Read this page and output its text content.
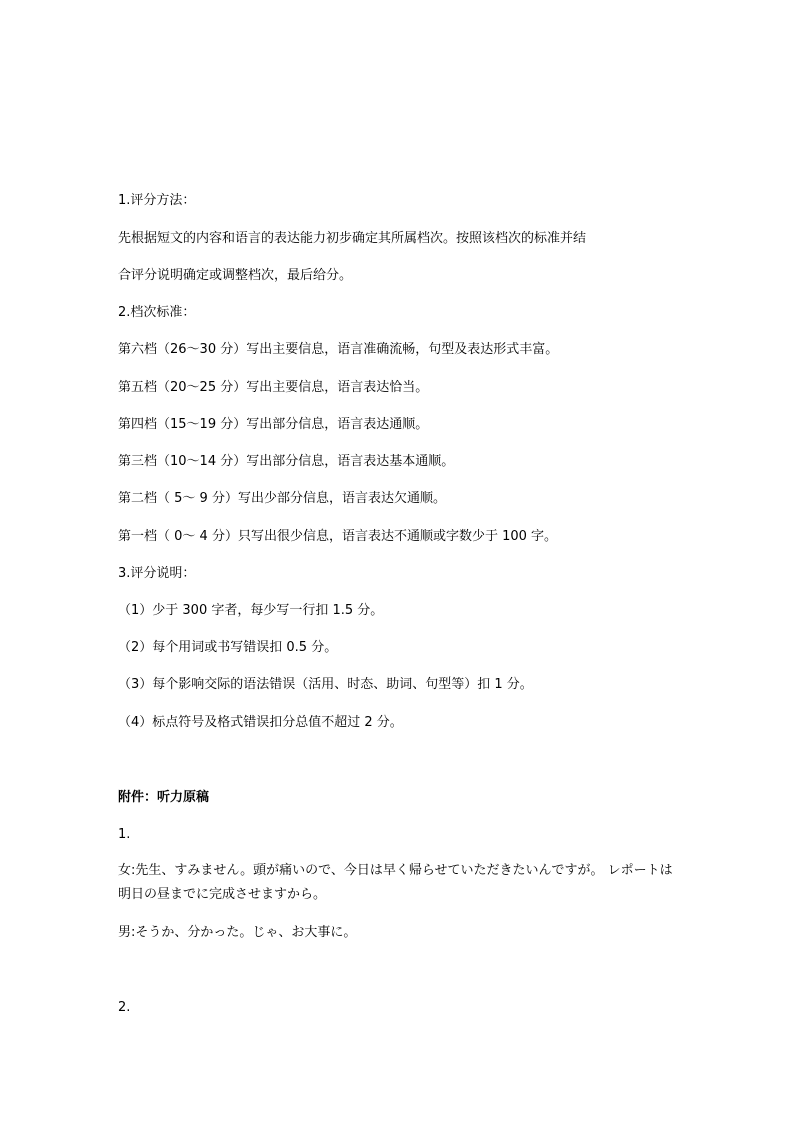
1.评分方法：
先根据短文的内容和语言的表达能力初步确定其所属档次。按照该档次的标准并结
合评分说明确定或调整档次，最后给分。
2.档次标准：
第六档（26～30 分）写出主要信息，语言准确流畅，句型及表达形式丰富。
第五档（20～25 分）写出主要信息，语言表达恰当。
第四档（15～19 分）写出部分信息，语言表达通顺。
第三档（10～14 分）写出部分信息，语言表达基本通顺。
第二档（ 5～ 9 分）写出少部分信息，语言表达欠通顺。
第一档（ 0～ 4 分）只写出很少信息，语言表达不通顺或字数少于 100 字。
3.评分说明：
（1）少于 300 字者，每少写一行扣 1.5 分。
（2）每个用词或书写错误扣 0.5 分。
（3）每个影响交际的语法错误（活用、时态、助词、句型等）扣 1 分。
（4）标点符号及格式错误扣分总值不超过 2 分。
附件：听力原稿
1.
女:先生、すみません。頭が痛いので、今日は早く帰らせていただきたいんですが。 レポートは明日の昼までに完成させますから。
男:そうか、分かった。じゃ、お大事に。
2.
